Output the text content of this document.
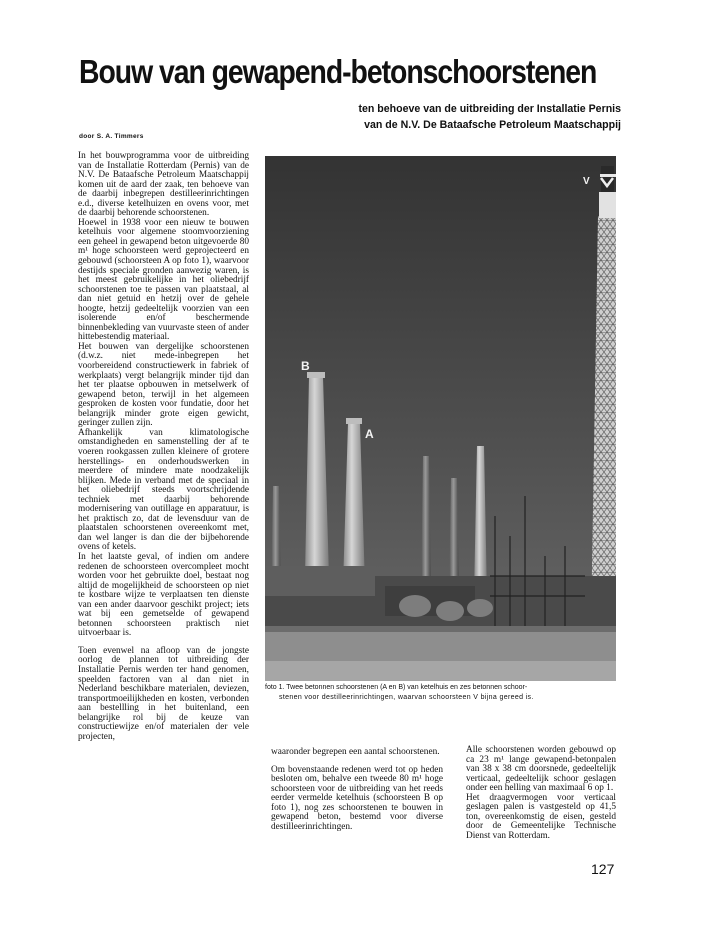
Bouw van gewapend-betonschoorstenen
ten behoeve van de uitbreiding der Installatie Pernis
van de N.V. De Bataafsche Petroleum Maatschappij
door S. A. Timmers

In het bouwprogramma voor de uitbreiding van de Installatie Rotterdam (Pernis) van de N.V. De Bataafsche Petroleum Maatschappij komen uit de aard der zaak, ten behoeve van de daarbij inbegrepen destilleerinrichtingen e.d., diverse ketelhuizen en ovens voor, met de daarbij behorende schoorstenen.

Hoewel in 1938 voor een nieuw te bouwen ketelhuis voor algemene stoomvoorziening een geheel in gewapend beton uitgevoerde 80 m¹ hoge schoorsteen werd geprojecteerd en gebouwd (schoorsteen A op foto 1), waarvoor destijds speciale gronden aanwezig waren, is het meest gebruikelijke in het oliebedrijf schoorstenen toe te passen van plaatstaal, al dan niet getuid en hetzij over de gehele hoogte, hetzij gedeeltelijk voorzien van een isolerende en/of beschermende binnenbekleding van vuurvaste steen of ander hittebestendig materiaal.

Het bouwen van dergelijke schoorstenen (d.w.z. niet mede-inbegrepen het voorbereidend constructiewerk in fabriek of werkplaats) vergt belangrijk minder tijd dan het ter plaatse opbouwen in metselwerk of gewapend beton, terwijl in het algemeen gesproken de kosten voor fundatie, door het belangrijk minder grote eigen gewicht, geringer zullen zijn.

Afhankelijk van klimatologische omstandigheden en samenstelling der af te voeren rookgassen zullen kleinere of grotere herstellings- en onderhoudswerken in meerdere of mindere mate noodzakelijk blijken. Mede in verband met de speciaal in het oliebedrijf steeds voortschrijdende techniek met daarbij behorende modernisering van outillage en apparatuur, is het praktisch zo, dat de levensduur van de plaatstalen schoorstenen overeenkomt met, dan wel langer is dan die der bijbehorende ovens of ketels.

In het laatste geval, of indien om andere redenen de schoorsteen overcompleet mocht worden voor het gebruikte doel, bestaat nog altijd de mogelijkheid de schoorsteen op niet te kostbare wijze te verplaatsen ten dienste van een ander daarvoor geschikt project; iets wat bij een gemetselde of gewapend betonnen schoorsteen praktisch niet uitvoerbaar is.

Toen evenwel na afloop van de jongste oorlog de plannen tot uitbreiding der Installatie Pernis werden ter hand genomen, speelden factoren van al dan niet in Nederland beschikbare materialen, deviezen, transportmoeilijkheden en kosten, verbonden aan bestellling in het buitenland, een belangrijke rol bij de keuze van constructiewijze en/of materialen der vele projecten,

B
A
V
foto 1. Twee betonnen schoorstenen (A en B) van ketelhuis en zes betonnen schoor-
stenen voor destilleerinrichtingen, waarvan schoorsteen V bijna gereed is.

waaronder begrepen een aantal schoorstenen.

Om bovenstaande redenen werd tot op heden besloten om, behalve een tweede 80 m¹ hoge schoorsteen voor de uitbreiding van het reeds eerder vermelde ketelhuis (schoorsteen B op foto 1), nog zes schoorstenen te bouwen in gewapend beton, bestemd voor diverse destilleerinrichtingen.

Alle schoorstenen worden gebouwd op ca 23 m¹ lange gewapend-betonpalen van 38 x 38 cm doorsnede, gedeeltelijk verticaal, gedeeltelijk schoor geslagen onder een helling van maximaal 6 op 1.

Het draagvermogen voor verticaal geslagen palen is vastgesteld op 41,5 ton, overeenkomstig de eisen, gesteld door de Gemeentelijke Technische Dienst van Rotterdam.

127
